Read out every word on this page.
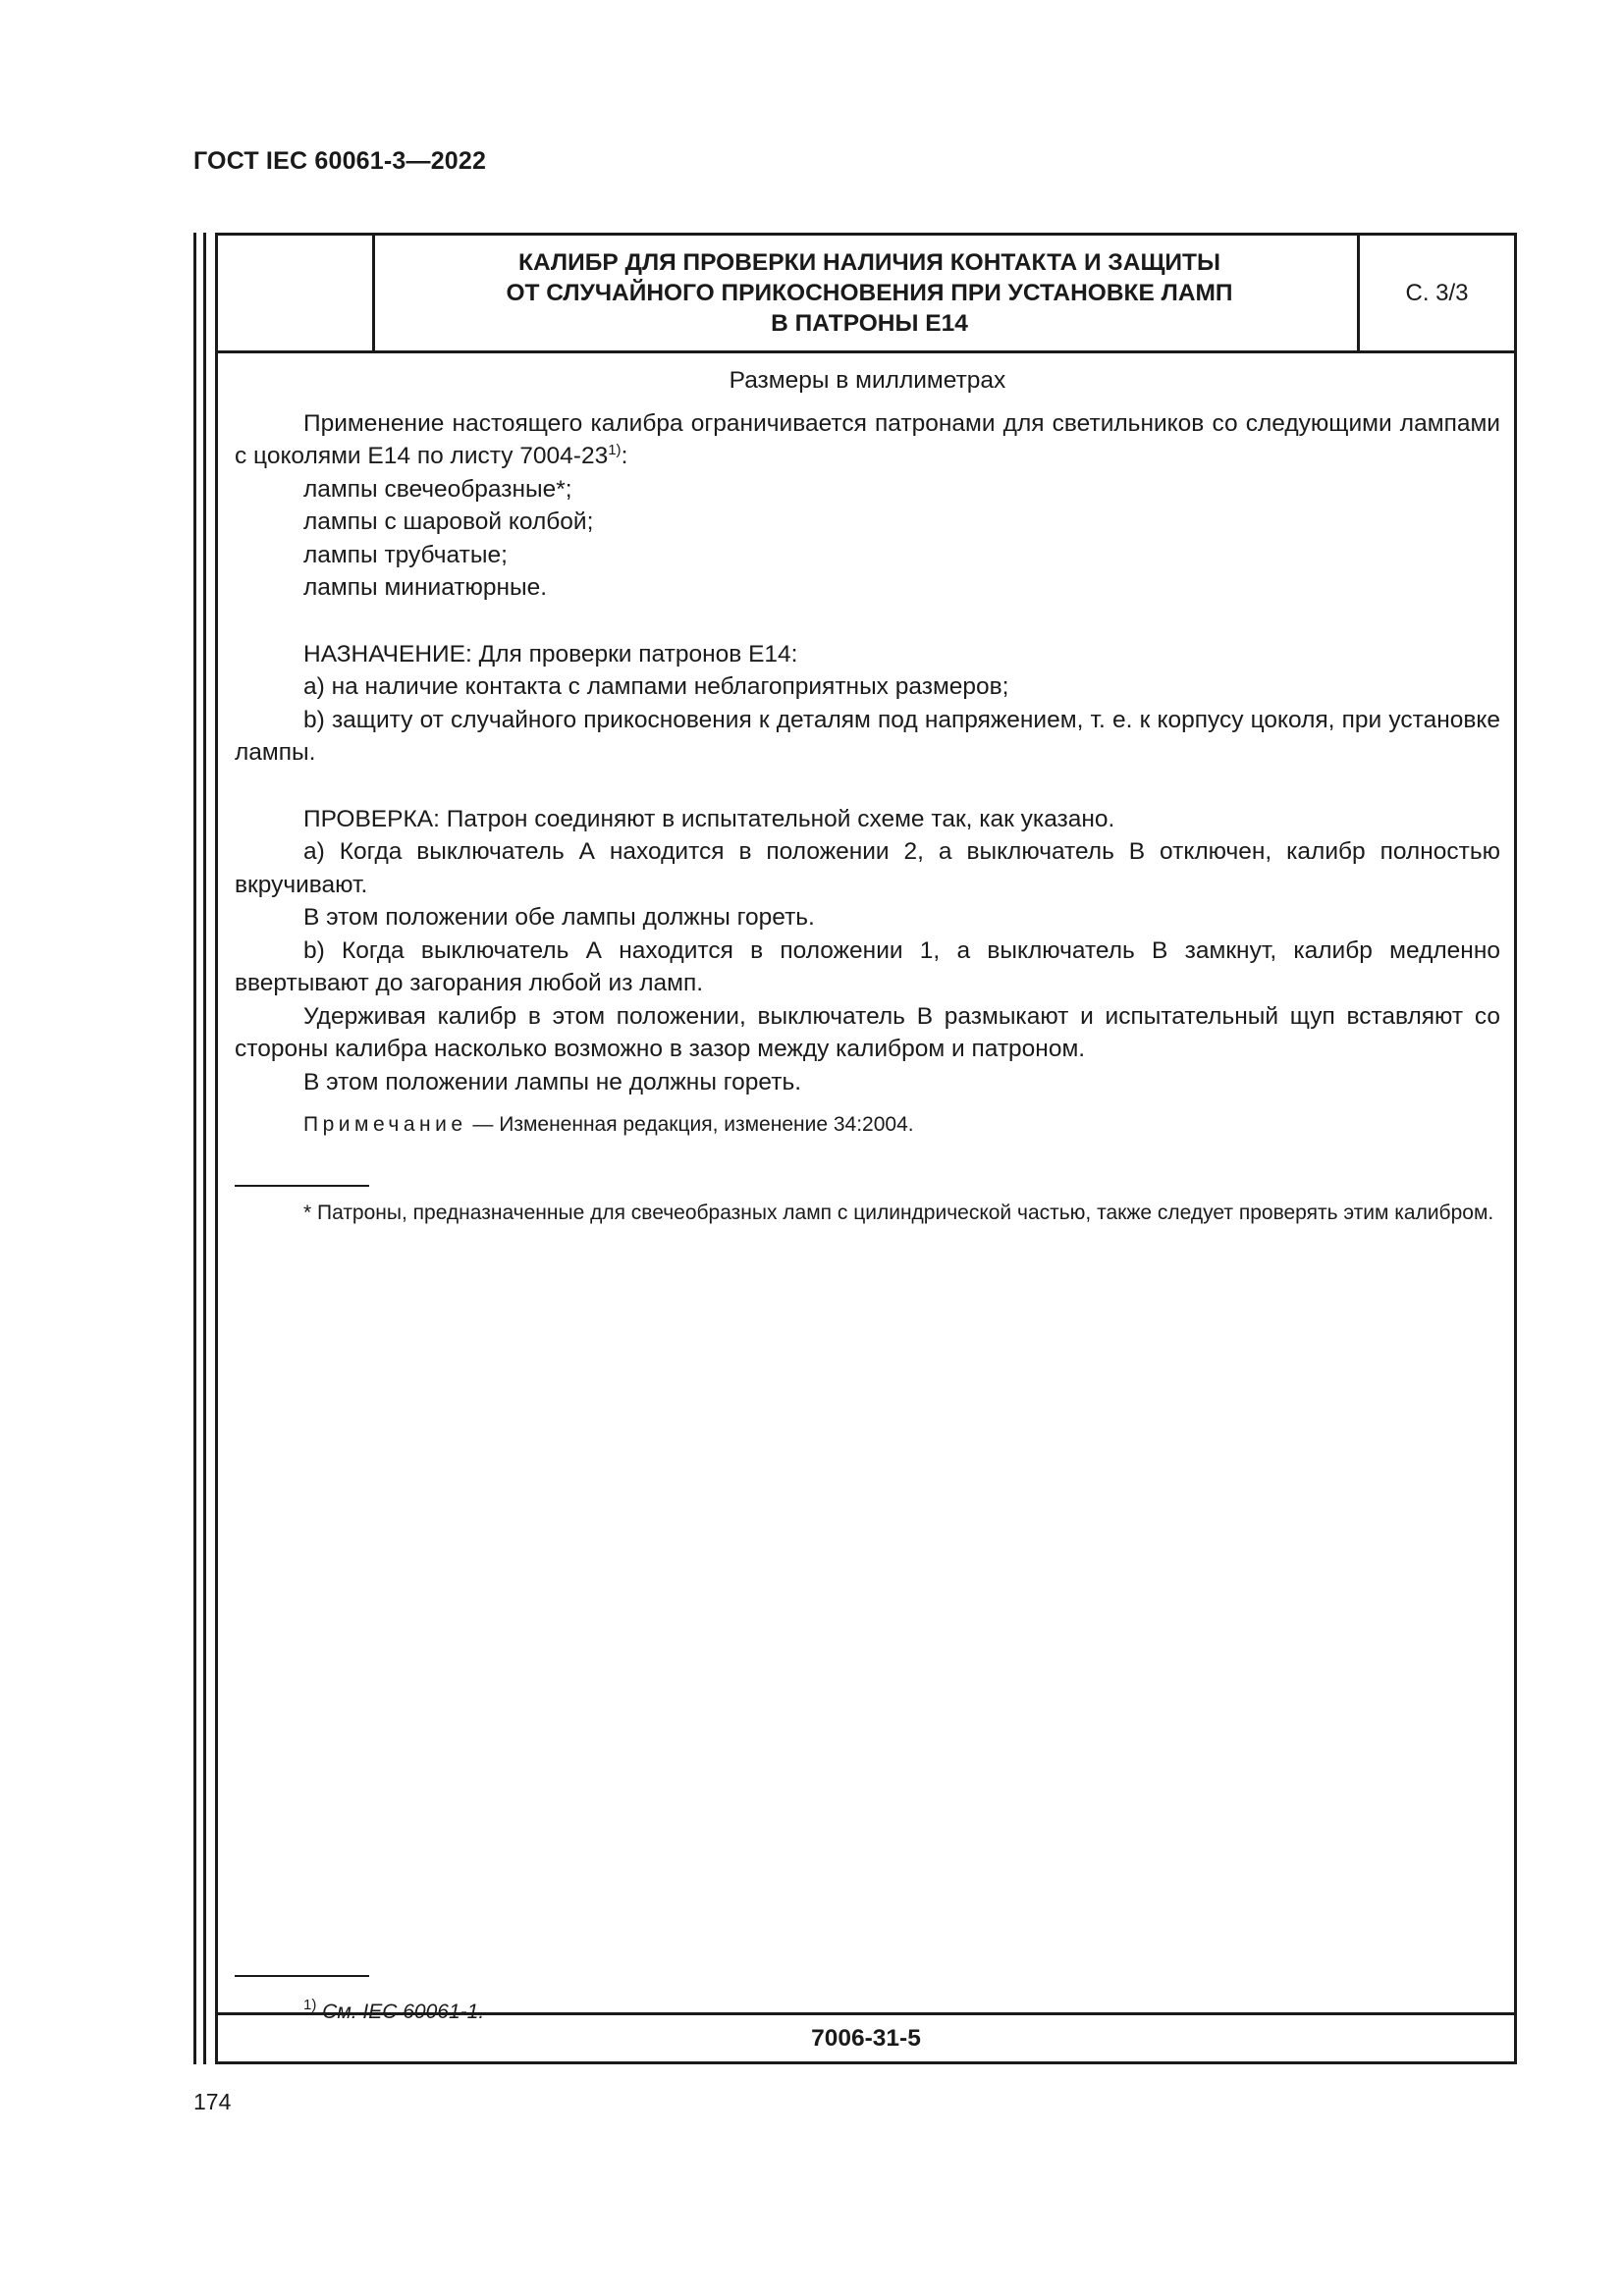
ГОСТ IEC 60061-3—2022
КАЛИБР ДЛЯ ПРОВЕРКИ НАЛИЧИЯ КОНТАКТА И ЗАЩИТЫ
ОТ СЛУЧАЙНОГО ПРИКОСНОВЕНИЯ ПРИ УСТАНОВКЕ ЛАМП
В ПАТРОНЫ Е14
С. 3/3

Размеры в миллиметрах

Применение настоящего калибра ограничивается патронами для светильников со следующими лампами с цоколями Е14 по листу 7004-23$^{1)}$:

лампы свечеобразные*;

лампы с шаровой колбой;

лампы трубчатые;

лампы миниатюрные.

НАЗНАЧЕНИЕ: Для проверки патронов Е14:

a) на наличие контакта с лампами неблагоприятных размеров;

b) защиту от случайного прикосновения к деталям под напряжением, т. е. к корпусу цоколя, при установке лампы.

ПРОВЕРКА: Патрон соединяют в испытательной схеме так, как указано.

a) Когда выключатель А находится в положении 2, а выключатель В отключен, калибр полностью вкручивают.

В этом положении обе лампы должны гореть.

b) Когда выключатель А находится в положении 1, а выключатель В замкнут, калибр медленно ввертывают до загорания любой из ламп.

Удерживая калибр в этом положении, выключатель В размыкают и испытательный щуп вставляют со стороны калибра насколько возможно в зазор между калибром и патроном.

В этом положении лампы не должны гореть.

Примечание — Измененная редакция, изменение 34:2004.

* Патроны, предназначенные для свечеобразных ламп с цилиндрической частью, также следует проверять этим калибром.

$^{1)}$ См. IEC 60061-1.

7006-31-5
174
